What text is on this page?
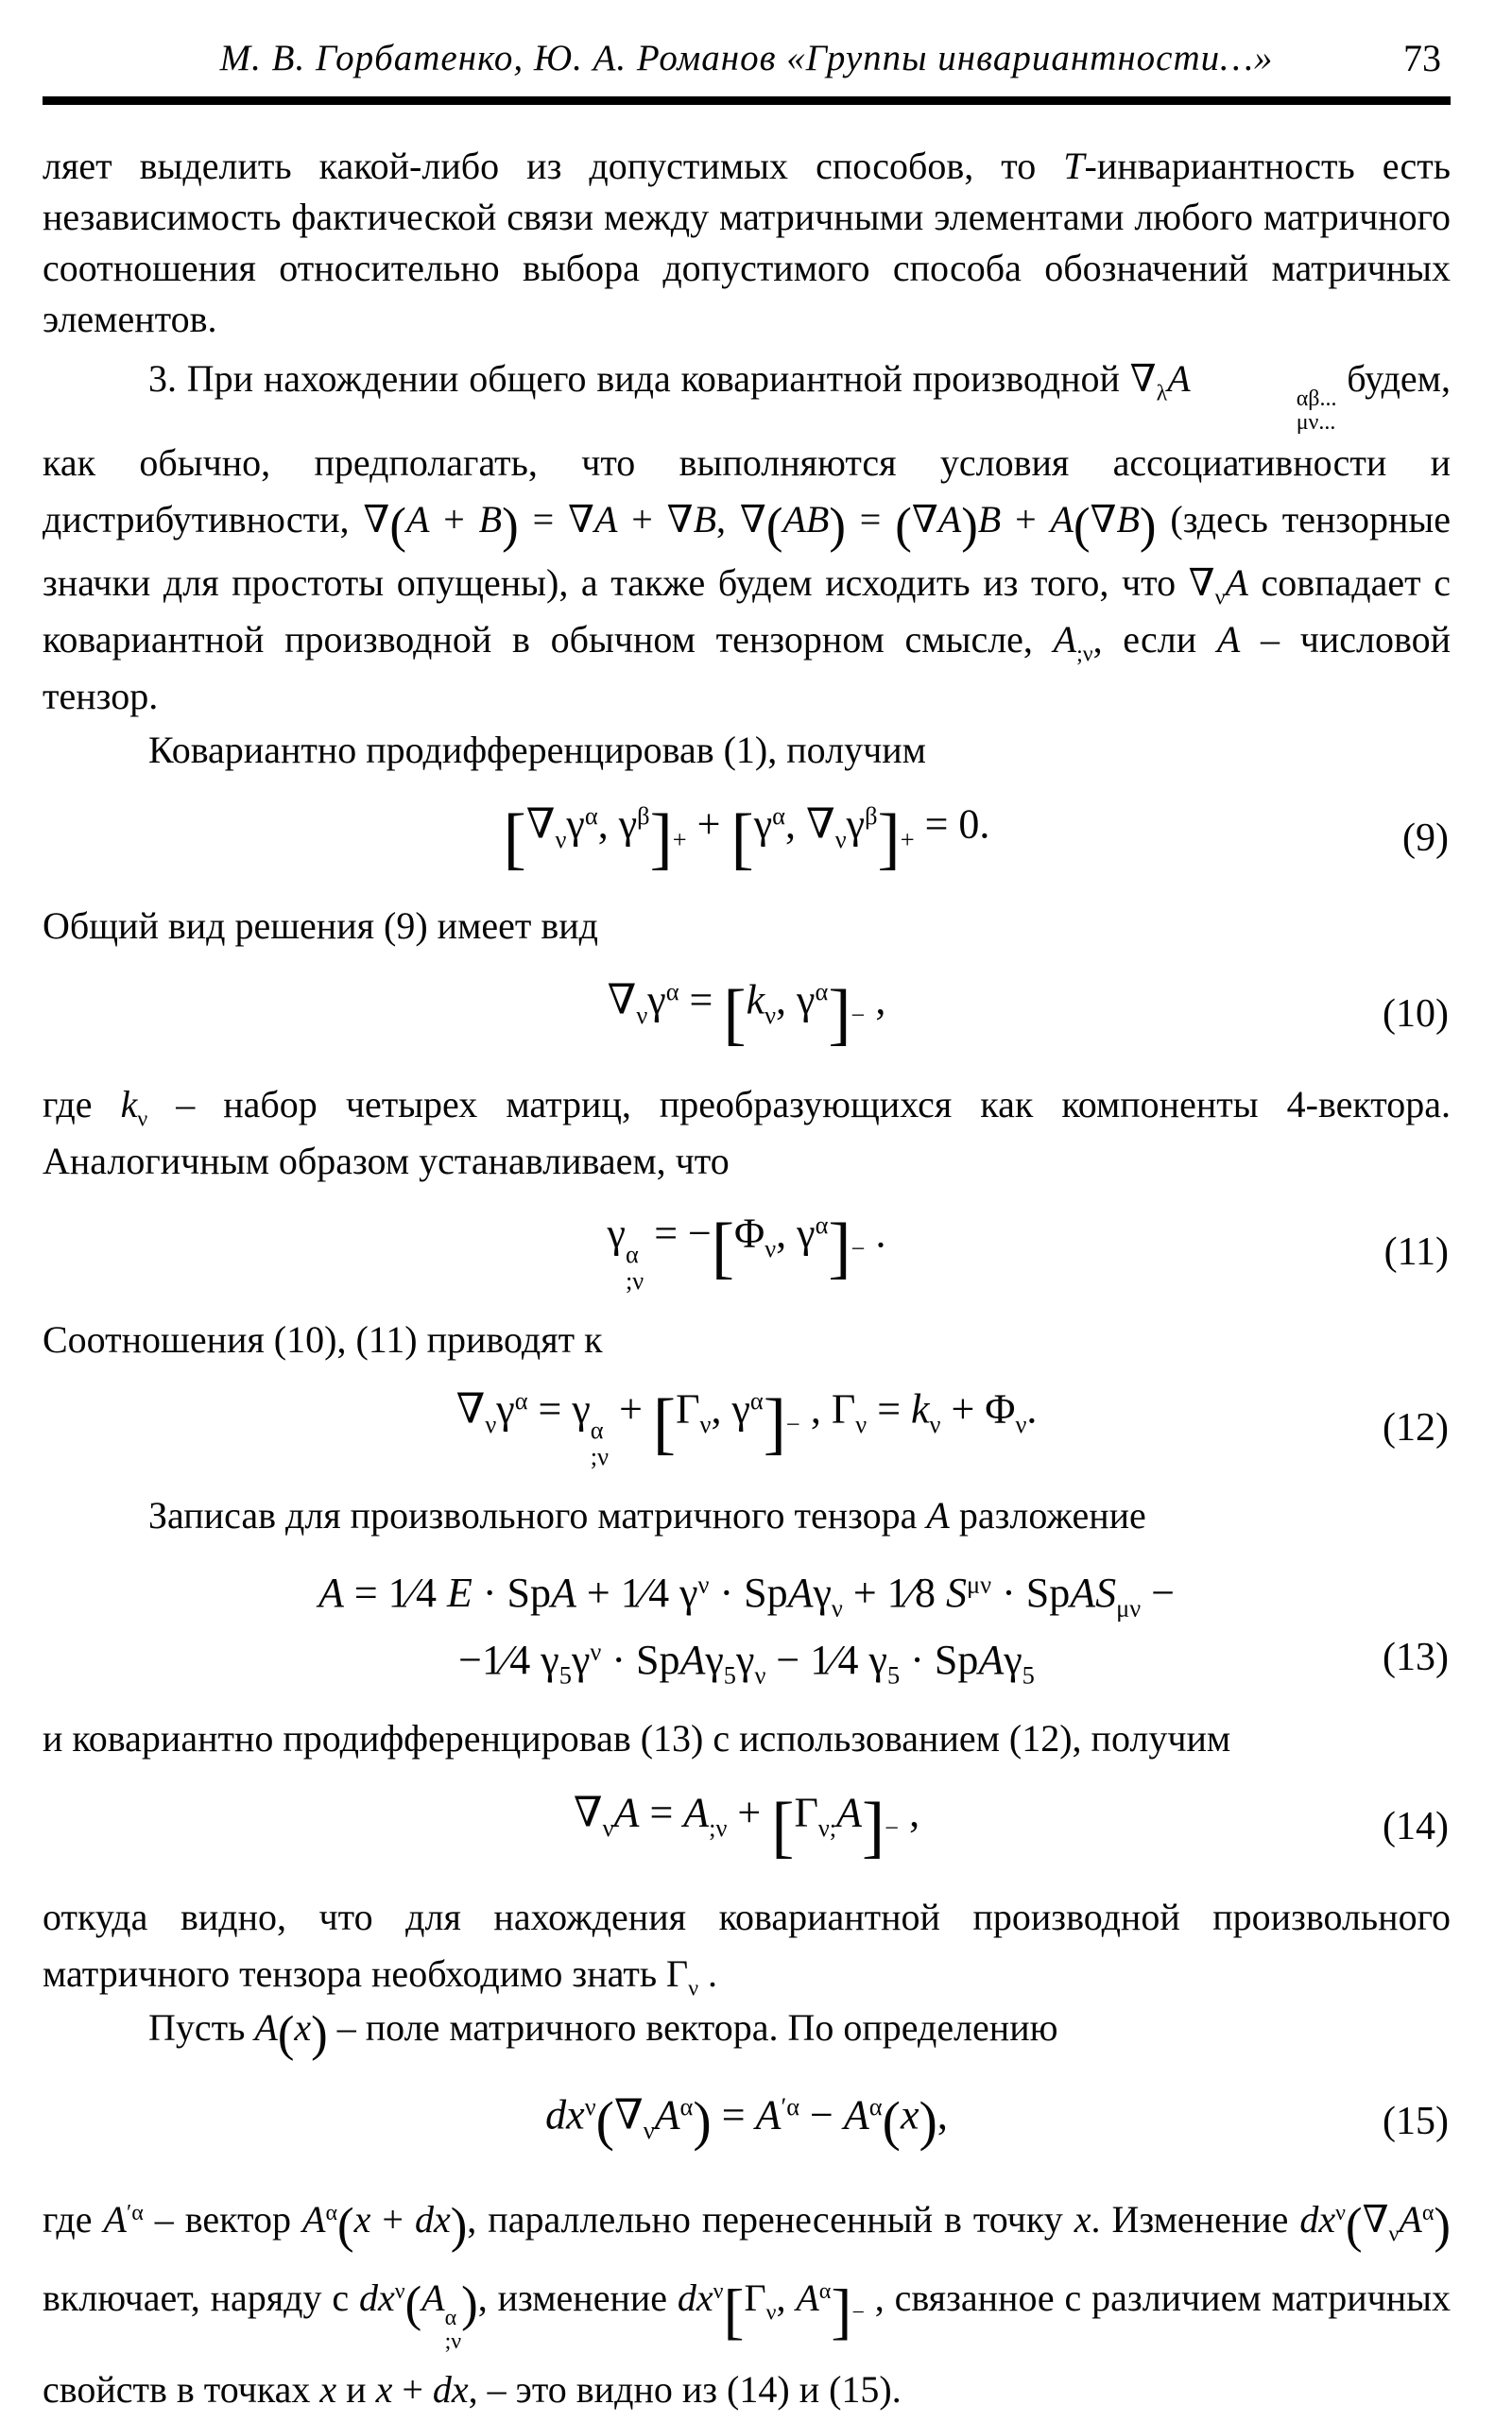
М. В. Горбатенко, Ю. А. Романов «Группы инвариантности…»	73

ляет выделить какой-либо из допустимых способов, то Т-инвариантность есть независимость фактической связи между матричными элементами любого матричного соотношения относительно выбора допустимого способа обозначений матричных элементов.

3. При нахождении общего вида ковариантной производной $\nabla_\lambda A$	αβ...
μν...
будем, как обычно, предполагать, что выполняются условия ассоциативности и дистрибутивности, ∇(A + B) = ∇A + ∇B, ∇(AB) = (∇A)B + A(∇B) (здесь тензорные значки для простоты опущены), а также будем исходить из того, что $\nabla_\nu A$ совпадает с ковариантной производной в обычном тензорном смысле, $A_{;\nu}$, если A – числовой тензор.

Ковариантно продифференцировав (1), получим

[$\nabla_\nu\gamma^\alpha$, $\gamma^\beta]_+ + [\gamma^\alpha$, $\nabla_\nu\gamma^\beta]_+ = 0$.	(9)

Общий вид решения (9) имеет вид

$\nabla_\nu\gamma^\alpha = [k_\nu$, $\gamma^\alpha]_-$ ,	(10)

где $k_\nu$ – набор четырех матриц, преобразующихся как компоненты 4-вектора. Аналогичным образом устанавливаем, что

γ α
;ν
= $-[\Phi_\nu$, $\gamma^\alpha]_-$ .	(11)

Соотношения (10), (11) приводят к

$\nabla_\nu\gamma^\alpha = \gamma$ α
;ν
+ [$\Gamma_\nu$, $\gamma^\alpha]_-$ , $\Gamma_\nu = k_\nu + \Phi_\nu$.	(12)

Записав для произвольного матричного тензора A разложение

A = 1⁄4 E · SpA + 1⁄4 $\gamma^\nu \cdot SpA\gamma_\nu$ + 1⁄8 $S^{\mu\nu}$ · SpAS$_{\mu\nu}$ −
−1⁄4 $\gamma_5\gamma^\nu \cdot SpA\gamma_5\gamma_\nu$ − 1⁄4 $\gamma_5 \cdot SpA\gamma_5$	(13)

и ковариантно продифференцировав (13) с использованием (12), получим

$\nabla_\nu A = A_{;\nu} + [\Gamma_{\nu;}A]_-$ ,	(14)

откуда видно, что для нахождения ковариантной производной произвольного матричного тензора необходимо знать $\Gamma_\nu$ .

Пусть A(x) – поле матричного вектора. По определению

$dx^\nu(\nabla_\nu A^\alpha) = A^{'\alpha} - A^\alpha(x)$,	(15)

где $A^{'\alpha}$ – вектор $A^\alpha(x + dx)$, параллельно перенесенный в точку x. Изменение $dx^\nu(\nabla_\nu A^\alpha)$ включает, наряду с $dx^\nu(A$ α
;ν
), изменение $dx^\nu[\Gamma_\nu$, $A^\alpha]_-$ , связанное с различием матричных свойств в точках x и x + dx, – это видно из (14) и (15).
